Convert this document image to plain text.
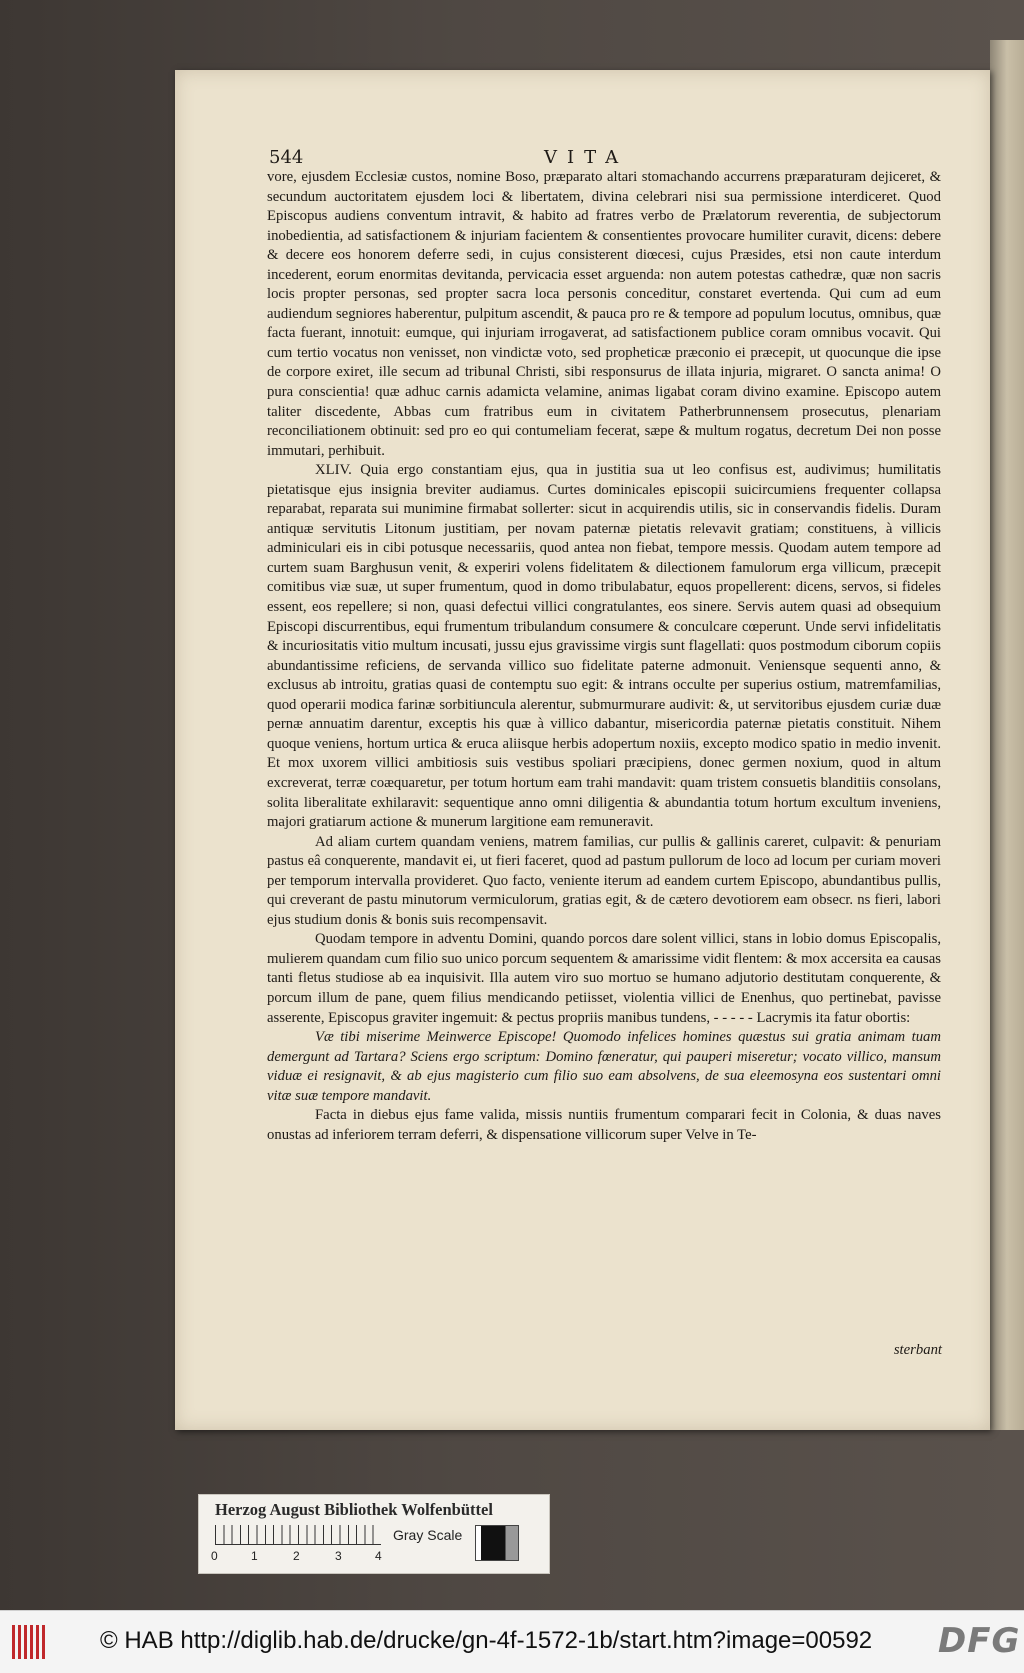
544	VITA

vore, ejusdem Ecclesiæ custos, nomine Boso, præparato altari stomachando accurrens præparaturam dejiceret, & secundum auctoritatem ejusdem loci & libertatem, divina celebrari nisi sua permissione interdiceret. Quod Episcopus audiens conventum intravit, & habito ad fratres verbo de Prælatorum reverentia, de subjectorum inobedientia, ad satisfactionem & injuriam facientem & consentientes provocare humiliter curavit, dicens: debere & decere eos honorem deferre sedi, in cujus consisterent diœcesi, cujus Præsides, etsi non caute interdum incederent, eorum enormitas devitanda, pervicacia esset arguenda: non autem potestas cathedræ, quæ non sacris locis propter personas, sed propter sacra loca personis conceditur, constaret evertenda. Qui cum ad eum audiendum segniores haberentur, pulpitum ascendit, & pauca pro re & tempore ad populum locutus, omnibus, quæ facta fuerant, innotuit: eumque, qui injuriam irrogaverat, ad satisfactionem publice coram omnibus vocavit. Qui cum tertio vocatus non venisset, non vindictæ voto, sed propheticæ præconio ei præcepit, ut quocunque die ipse de corpore exiret, ille secum ad tribunal Christi, sibi responsurus de illata injuria, migraret. O sancta anima! O pura conscientia! quæ adhuc carnis adamicta velamine, animas ligabat coram divino examine. Episcopo autem taliter discedente, Abbas cum fratribus eum in civitatem Patherbrunnensem prosecutus, plenariam reconciliationem obtinuit: sed pro eo qui contumeliam fecerat, sæpe & multum rogatus, decretum Dei non posse immutari, perhibuit.

XLIV. Quia ergo constantiam ejus, qua in justitia sua ut leo confisus est, audivimus; humilitatis pietatisque ejus insignia breviter audiamus. Curtes dominicales episcopii suicircumiens frequenter collapsa reparabat, reparata sui munimine firmabat sollerter: sicut in acquirendis utilis, sic in conservandis fidelis. Duram antiquæ servitutis Litonum justitiam, per novam paternæ pietatis relevavit gratiam; constituens, à villicis adminiculari eis in cibi potusque necessariis, quod antea non fiebat, tempore messis. Quodam autem tempore ad curtem suam Barghusun venit, & experiri volens fidelitatem & dilectionem famulorum erga villicum, præcepit comitibus viæ suæ, ut super frumentum, quod in domo tribulabatur, equos propellerent: dicens, servos, si fideles essent, eos repellere; si non, quasi defectui villici congratulantes, eos sinere. Servis autem quasi ad obsequium Episcopi discurrentibus, equi frumentum tribulandum consumere & conculcare cœperunt. Unde servi infidelitatis & incuriositatis vitio multum incusati, jussu ejus gravissime virgis sunt flagellati: quos postmodum ciborum copiis abundantissime reficiens, de servanda villico suo fidelitate paterne admonuit. Veniensque sequenti anno, & exclusus ab introitu, gratias quasi de contemptu suo egit: & intrans occulte per superius ostium, matremfamilias, quod operarii modica farinæ sorbitiuncula alerentur, submurmurare audivit: &, ut servitoribus ejusdem curiæ duæ pernæ annuatim darentur, exceptis his quæ à villico dabantur, misericordia paternæ pietatis constituit. Nihem quoque veniens, hortum urtica & eruca aliisque herbis adopertum noxiis, excepto modico spatio in medio invenit. Et mox uxorem villici ambitiosis suis vestibus spoliari præcipiens, donec germen noxium, quod in altum excreverat, terræ coæquaretur, per totum hortum eam trahi mandavit: quam tristem consuetis blanditiis consolans, solita liberalitate exhilaravit: sequentique anno omni diligentia & abundantia totum hortum excultum inveniens, majori gratiarum actione & munerum largitione eam remuneravit.

Ad aliam curtem quandam veniens, matrem familias, cur pullis & gallinis careret, culpavit: & penuriam pastus eâ conquerente, mandavit ei, ut fieri faceret, quod ad pastum pullorum de loco ad locum per curiam moveri per temporum intervalla provideret. Quo facto, veniente iterum ad eandem curtem Episcopo, abundantibus pullis, qui creverant de pastu minutorum vermiculorum, gratias egit, & de cætero devotiorem eam obsecr. ns fieri, labori ejus studium donis & bonis suis recompensavit.

Quodam tempore in adventu Domini, quando porcos dare solent villici, stans in lobio domus Episcopalis, mulierem quandam cum filio suo unico porcum sequentem & amarissime vidit flentem: & mox accersita ea causas tanti fletus studiose ab ea inquisivit. Illa autem viro suo mortuo se humano adjutorio destitutam conquerente, & porcum illum de pane, quem filius mendicando petiisset, violentia villici de Enenhus, quo pertinebat, pavisse asserente, Episcopus graviter ingemuit: & pectus propriis manibus tundens, - - - - - Lacrymis ita fatur obortis:

Væ tibi miserime Meinwerce Episcope! Quomodo infelices homines quæstus sui gratia animam tuam demergunt ad Tartara? Sciens ergo scriptum: Domino fœneratur, qui pauperi miseretur; vocato villico, mansum viduæ ei resignavit, & ab ejus magisterio cum filio suo eam absolvens, de sua eleemosyna eos sustentari omni vitæ suæ tempore mandavit.

Facta in diebus ejus fame valida, missis nuntiis frumentum comparari fecit in Colonia, & duas naves onustas ad inferiorem terram deferri, & dispensatione villicorum super Velve in Te-

sterbant
Herzog August Bibliothek Wolfenbüttel
0	1	2	3	4
Gray Scale
© HAB http://diglib.hab.de/drucke/gn-4f-1572-1b/start.htm?image=00592 DFG
